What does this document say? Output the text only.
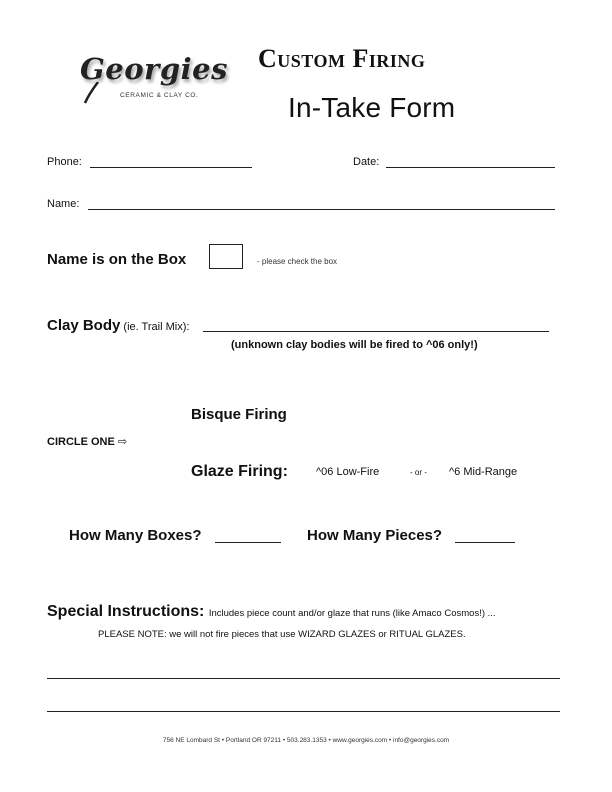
Georgies
CERAMIC & CLAY CO.
Custom Firing
In-Take Form
Phone:	Date:
Name:
Name is on the Box	- please check the box
Clay Body (ie. Trail Mix):
(unknown clay bodies will be fired to ^06 only!)
Bisque Firing
CIRCLE ONE ⇨
Glaze Firing:	^06 Low-Fire	- or - ^6 Mid-Range
How Many Boxes?	How Many Pieces?
Special Instructions: Includes piece count and/or glaze that runs (like Amaco Cosmos!) ...
PLEASE NOTE: we will not fire pieces that use WIZARD GLAZES or RITUAL GLAZES.
756 NE Lombard St • Portland OR 97211 • 503.283.1353 • www.georgies.com • info@georgies.com
